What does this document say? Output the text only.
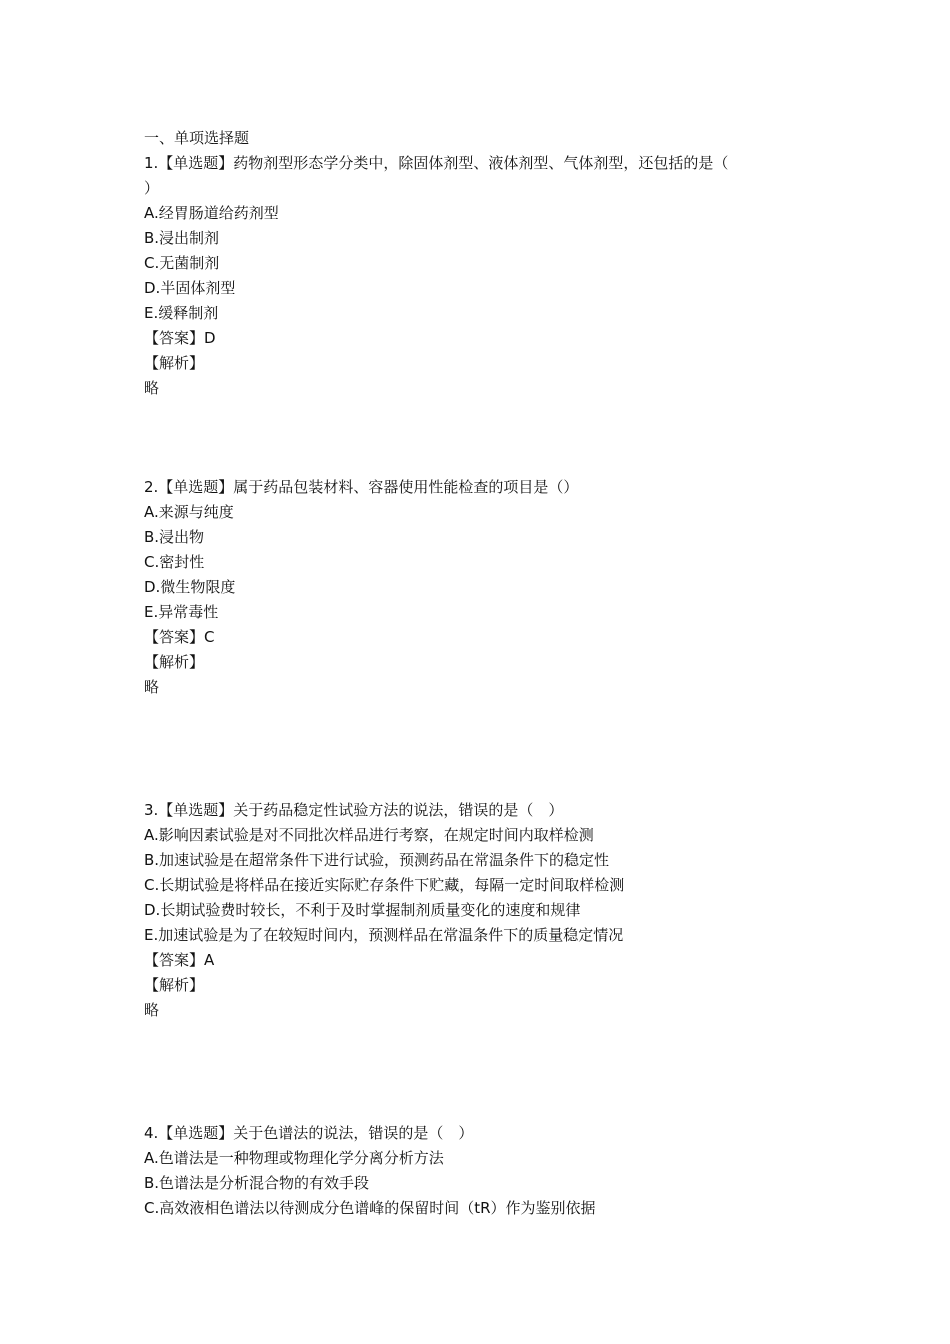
一、单项选择题
1.【单选题】药物剂型形态学分类中，除固体剂型、液体剂型、气体剂型，还包括的是（
）
A.经胃肠道给药剂型
B.浸出制剂
C.无菌制剂
D.半固体剂型
E.缓释制剂
【答案】D
【解析】
略
2.【单选题】属于药品包装材料、容器使用性能检查的项目是（）
A.来源与纯度
B.浸出物
C.密封性
D.微生物限度
E.异常毒性
【答案】C
【解析】
略
3.【单选题】关于药品稳定性试验方法的说法，错误的是（　）
A.影响因素试验是对不同批次样品进行考察，在规定时间内取样检测
B.加速试验是在超常条件下进行试验，预测药品在常温条件下的稳定性
C.长期试验是将样品在接近实际贮存条件下贮藏，每隔一定时间取样检测
D.长期试验费时较长，不利于及时掌握制剂质量变化的速度和规律
E.加速试验是为了在较短时间内，预测样品在常温条件下的质量稳定情况
【答案】A
【解析】
略
4.【单选题】关于色谱法的说法，错误的是（　）
A.色谱法是一种物理或物理化学分离分析方法
B.色谱法是分析混合物的有效手段
C.高效液相色谱法以待测成分色谱峰的保留时间（tR）作为鉴别依据
